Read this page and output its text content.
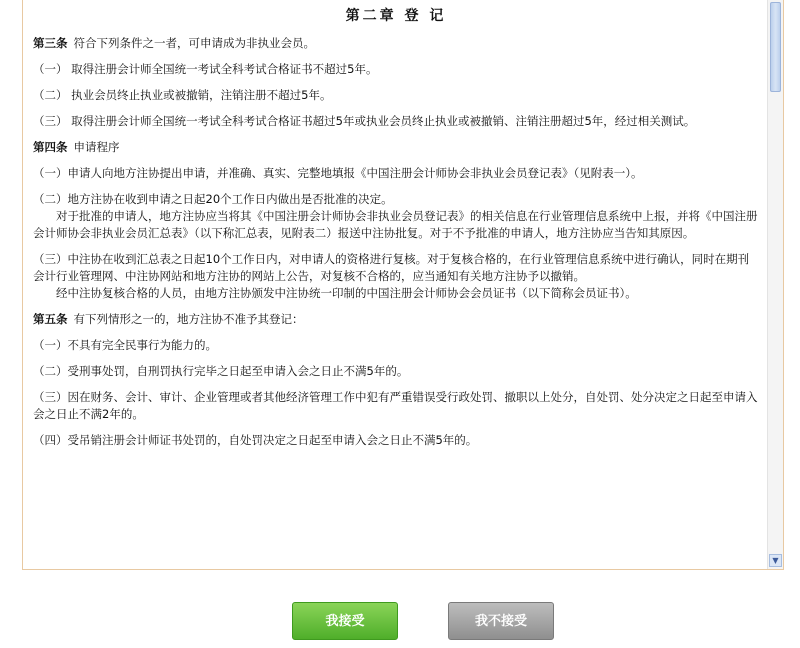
第二章 登 记
第三条 符合下列条件之一者，可申请成为非执业会员。
（一） 取得注册会计师全国统一考试全科考试合格证书不超过5年。
（二） 执业会员终止执业或被撤销，注销注册不超过5年。
（三） 取得注册会计师全国统一考试全科考试合格证书超过5年或执业会员终止执业或被撤销、注销注册超过5年，经过相关测试。
第四条 申请程序
（一）申请人向地方注协提出申请，并准确、真实、完整地填报《中国注册会计师协会非执业会员登记表》（见附表一）。
（二）地方注协在收到申请之日起20个工作日内做出是否批准的决定。
对于批准的申请人，地方注协应当将其《中国注册会计师协会非执业会员登记表》的相关信息在行业管理信息系统中上报，并将《中国注册会计师协会非执业会员汇总表》（以下称汇总表，见附表二）报送中注协批复。对于不予批准的申请人，地方注协应当告知其原因。
（三）中注协在收到汇总表之日起10个工作日内，对申请人的资格进行复核。对于复核合格的，在行业管理信息系统中进行确认，同时在期刊会计行业管理网、中注协网站和地方注协的网站上公告，对复核不合格的，应当通知有关地方注协予以撤销。
经中注协复核合格的人员，由地方注协颁发中注协统一印制的中国注册会计师协会会员证书（以下简称会员证书）。
第五条 有下列情形之一的，地方注协不准予其登记：
（一）不具有完全民事行为能力的。
（二）受刑事处罚，自刑罚执行完毕之日起至申请入会之日止不满5年的。
（三）因在财务、会计、审计、企业管理或者其他经济管理工作中犯有严重错误受行政处罚、撤职以上处分，自处罚、处分决定之日起至申请入会之日止不满2年的。
（四）受吊销注册会计师证书处罚的，自处罚决定之日起至申请入会之日止不满5年的。
▼
我接受	我不接受
